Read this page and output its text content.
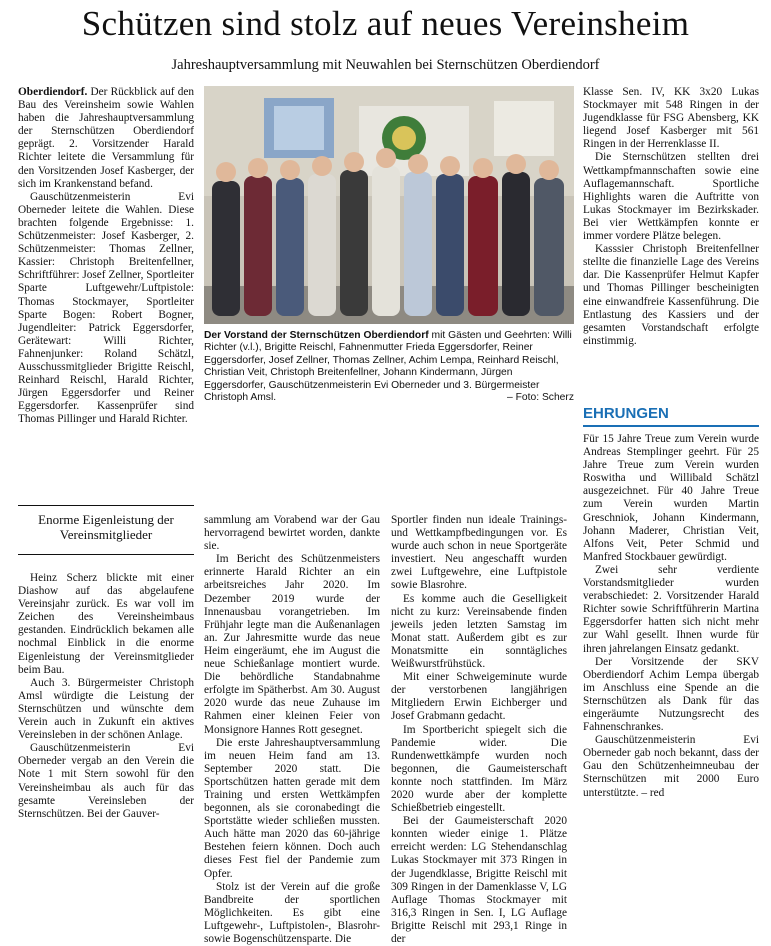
Schützen sind stolz auf neues Vereinsheim
Jahreshauptversammlung mit Neuwahlen bei Sternschützen Oberdiendorf

Oberdiendorf. Der Rückblick auf den Bau des Vereinsheim sowie Wahlen haben die Jahreshauptversammlung der Sternschützen Oberdiendorf geprägt. 2. Vorsitzender Harald Richter leitete die Versammlung für den Vorsitzenden Josef Kasberger, der sich im Krankenstand befand.

Gauschützenmeisterin Evi Oberneder leitete die Wahlen. Diese brachten folgende Ergebnisse: 1. Schützenmeister: Josef Kasberger, 2. Schützenmeister: Thomas Zellner, Kassier: Christoph Breitenfellner, Schriftführer: Josef Zellner, Sportleiter Sparte Luftgewehr/Luftpistole: Thomas Stockmayer, Sportleiter Sparte Bogen: Robert Bogner, Jugendleiter: Patrick Eggersdorfer, Gerätewart: Willi Richter, Fahnenjunker: Roland Schätzl, Ausschussmitglieder Brigitte Reischl, Reinhard Reischl, Harald Richter, Jürgen Eggersdorfer und Reiner Eggersdorfer. Kassenprüfer sind Thomas Pillinger und Harald Richter.

Enorme Eigenleistung der Vereinsmitglieder

Heinz Scherz blickte mit einer Diashow auf das abgelaufene Vereinsjahr zurück. Es war voll im Zeichen des Vereinsheimbaus gestanden. Eindrücklich bekamen alle nochmal Einblick in die enorme Eigenleistung der Vereinsmitglieder beim Bau.

Auch 3. Bürgermeister Christoph Amsl würdigte die Leistung der Sternschützen und wünschte dem Verein auch in Zukunft ein aktives Vereinsleben in der schönen Anlage.

Gauschützenmeisterin Evi Oberneder vergab an den Verein die Note 1 mit Stern sowohl für den Vereinsheimbau als auch für das gesamte Vereinsleben der Sternschützen. Bei der Gauver-

Der Vorstand der Sternschützen Oberdiendorf mit Gästen und Geehrten: Willi Richter (v.l.), Brigitte Reischl, Fahnenmutter Frieda Eggersdorfer, Reiner Eggersdorfer, Josef Zellner, Thomas Zellner, Achim Lempa, Reinhard Reischl, Christian Veit, Christoph Breitenfellner, Johann Kindermann, Jürgen Eggersdorfer, Gauschützenmeisterin Evi Oberneder und 3. Bürgermeister Christoph Amsl.	– Foto: Scherz

sammlung am Vorabend war der Gau hervorragend bewirtet worden, dankte sie.

Im Bericht des Schützenmeisters erinnerte Harald Richter an ein arbeitsreiches Jahr 2020. Im Dezember 2019 wurde der Innenausbau vorangetrieben. Im Frühjahr legte man die Außenanlagen an. Zur Jahresmitte wurde das neue Heim eingeräumt, ehe im August die neue Schießanlage montiert wurde. Die behördliche Standabnahme erfolgte im Spätherbst. Am 30. August 2020 wurde das neue Zuhause im Rahmen einer kleinen Feier von Monsignore Hannes Rott gesegnet.

Die erste Jahreshauptversammlung im neuen Heim fand am 13. September 2020 statt. Die Sportschützen hatten gerade mit dem Training und ersten Wettkämpfen begonnen, als sie coronabedingt die Sportstätte wieder schließen mussten. Auch hätte man 2020 das 60-jährige Bestehen feiern können. Doch auch dieses Fest fiel der Pandemie zum Opfer.

Stolz ist der Verein auf die große Bandbreite der sportlichen Möglichkeiten. Es gibt eine Luftgewehr-, Luftpistolen-, Blasrohr- sowie Bogenschützensparte. Die

Sportler finden nun ideale Trainings- und Wettkampfbedingungen vor. Es wurde auch schon in neue Sportgeräte investiert. Neu angeschafft wurden zwei Luftgewehre, eine Luftpistole sowie Blasrohre.

Es komme auch die Geselligkeit nicht zu kurz: Vereinsabende finden jeweils jeden letzten Samstag im Monat statt. Außerdem gibt es zur Monatsmitte ein sonntägliches Weißwurstfrühstück.

Mit einer Schweigeminute wurde der verstorbenen langjährigen Mitgliedern Erwin Eichberger und Josef Grabmann gedacht.

Im Sportbericht spiegelt sich die Pandemie wider. Die Rundenwettkämpfe wurden noch begonnen, die Gaumeisterschaft konnte noch stattfinden. Im März 2020 wurde aber der komplette Schießbetrieb eingestellt.

Bei der Gaumeisterschaft 2020 konnten wieder einige 1. Plätze erreicht werden: LG Stehendanschlag Lukas Stockmayer mit 373 Ringen in der Jugendklasse, Brigitte Reischl mit 309 Ringen in der Damenklasse V, LG Auflage Thomas Stockmayer mit 316,3 Ringen in Sen. I, LG Auflage Brigitte Reischl mit 293,1 Ringe in der

Klasse Sen. IV, KK 3x20 Lukas Stockmayer mit 548 Ringen in der Jugendklasse für FSG Abensberg, KK liegend Josef Kasberger mit 561 Ringen in der Herrenklasse II.

Die Sternschützen stellten drei Wettkampfmannschaften sowie eine Auflagemannschaft. Sportliche Highlights waren die Auftritte von Lukas Stockmayer im Bezirkskader. Bei vier Wettkämpfen konnte er immer vordere Plätze belegen.

Kasssier Christoph Breitenfellner stellte die finanzielle Lage des Vereins dar. Die Kassenprüfer Helmut Kapfer und Thomas Pillinger bescheinigten eine einwandfreie Kassenführung. Die Entlastung des Kassiers und der gesamten Vorstandschaft erfolgte einstimmig.

EHRUNGEN

Für 15 Jahre Treue zum Verein wurde Andreas Stemplinger geehrt. Für 25 Jahre Treue zum Verein wurden Roswitha und Willibald Schätzl ausgezeichnet. Für 40 Jahre Treue zum Verein wurden Martin Greschniok, Johann Kindermann, Johann Maderer, Christian Veit, Alfons Veit, Peter Schmid und Manfred Stockbauer gewürdigt.

Zwei sehr verdiente Vorstandsmitglieder wurden verabschiedet: 2. Vorsitzender Harald Richter sowie Schriftführerin Martina Eggersdorfer hatten sich nicht mehr zur Wahl gesellt. Ihnen wurde für ihren jahrelangen Einsatz gedankt.

Der Vorsitzende der SKV Oberdiendorf Achim Lempa übergab im Anschluss eine Spende an die Sternschützen als Dank für das eingeräumte Nutzungsrecht des Fahnenschrankes.

Gauschützenmeisterin Evi Oberneder gab noch bekannt, dass der Gau den Schützenheimneubau der Sternschützen mit 2000 Euro unterstützte. – red
